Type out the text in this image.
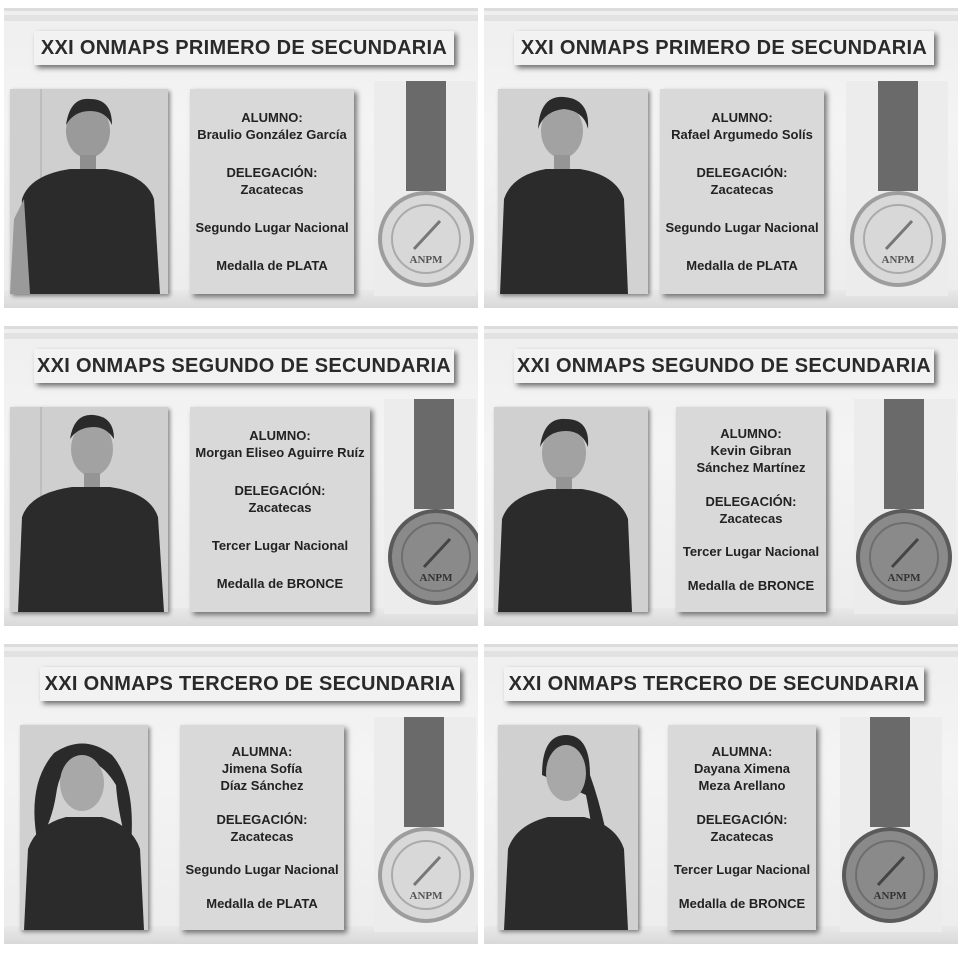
XXI ONMAPS PRIMERO DE SECUNDARIA
ALUMNO:
Braulio González García
DELEGACIÓN:
Zacatecas
Segundo Lugar Nacional
Medalla de PLATA	ANPM
XXI ONMAPS PRIMERO DE SECUNDARIA
ALUMNO:
Rafael Argumedo Solís
DELEGACIÓN:
Zacatecas
Segundo Lugar Nacional
Medalla de PLATA	ANPM
XXI ONMAPS SEGUNDO DE SECUNDARIA
ALUMNO:
Morgan Eliseo Aguirre Ruíz
DELEGACIÓN:
Zacatecas
Tercer Lugar Nacional
Medalla de BRONCE	ANPM
XXI ONMAPS SEGUNDO DE SECUNDARIA
ALUMNO:
Kevin Gibran
Sánchez Martínez
DELEGACIÓN:
Zacatecas
Tercer Lugar Nacional
Medalla de BRONCE	ANPM
XXI ONMAPS TERCERO DE SECUNDARIA
ALUMNA:
Jimena Sofía
Díaz Sánchez
DELEGACIÓN:
Zacatecas
Segundo Lugar Nacional
Medalla de PLATA	ANPM
XXI ONMAPS TERCERO DE SECUNDARIA
ALUMNA:
Dayana Ximena
Meza Arellano
DELEGACIÓN:
Zacatecas
Tercer Lugar Nacional
Medalla de BRONCE	ANPM
